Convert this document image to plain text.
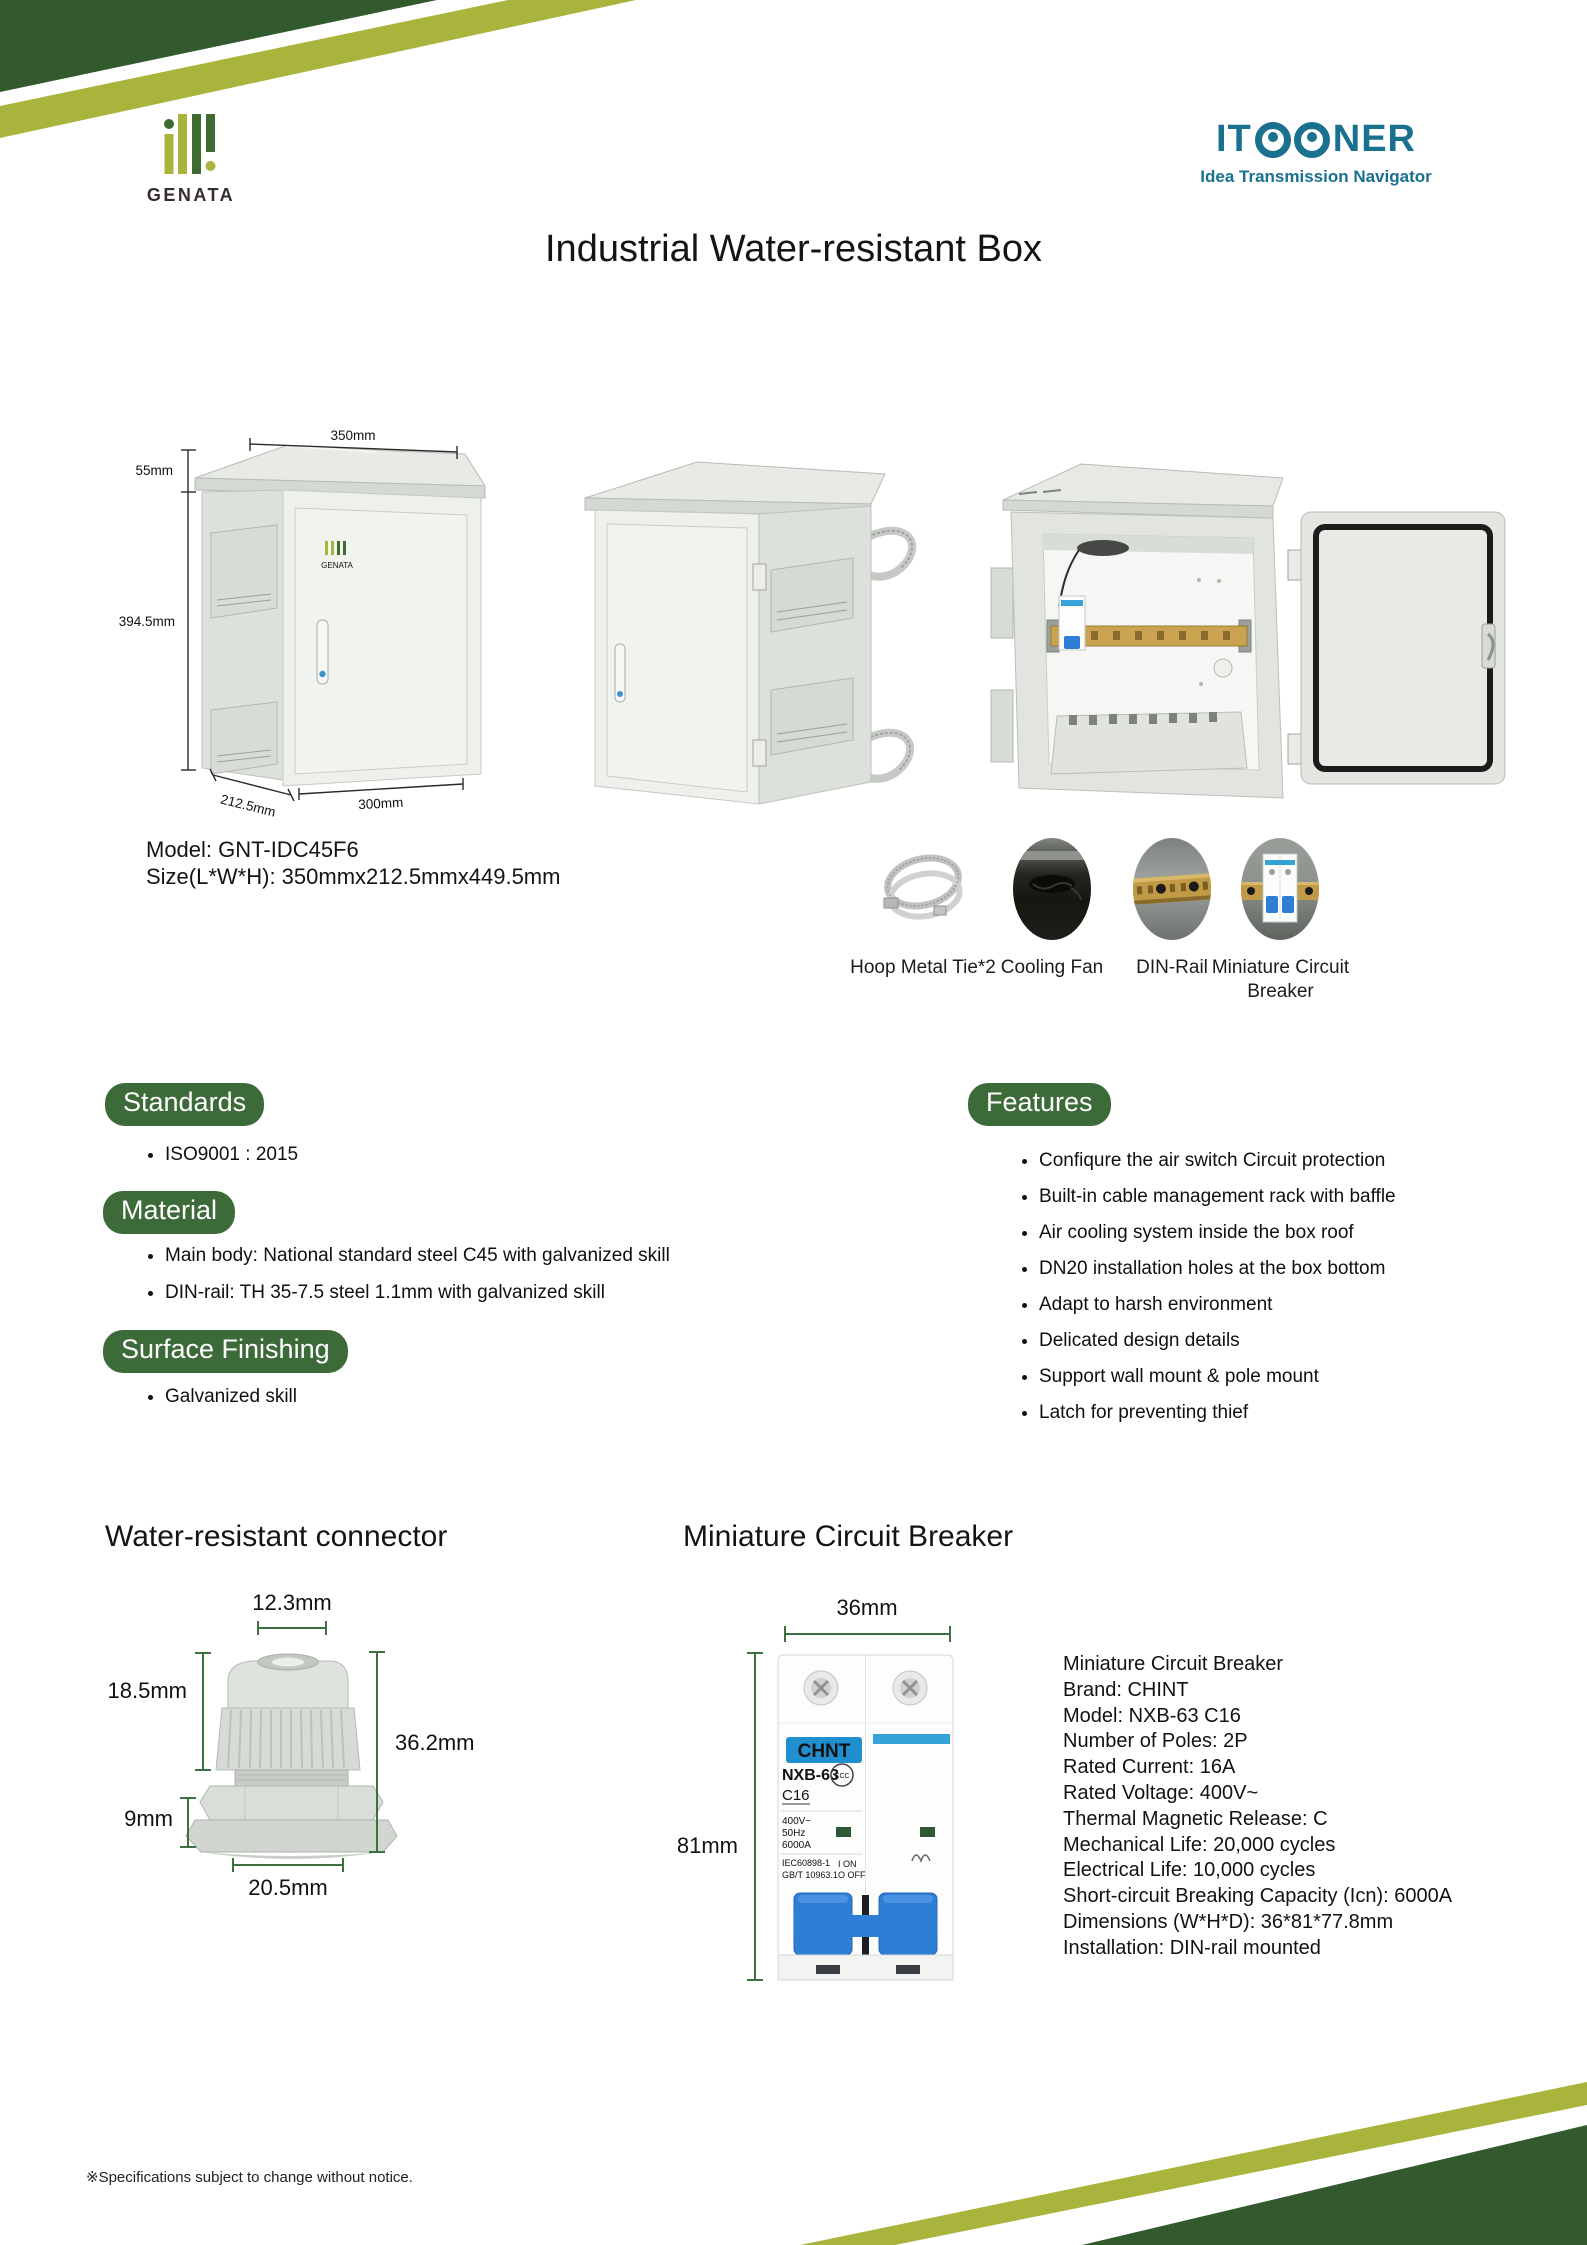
GENATA
IT NER
Idea Transmission Navigator
Industrial Water-resistant Box
GENATA
350mm
55mm
394.5mm
212.5mm	300mm
Model: GNT-IDC45F6
Size(L*W*H): 350mmx212.5mmx449.5mm
Hoop Metal Tie*2 Cooling Fan	DIN-Rail Miniature Circuit Breaker
Standards
• ISO9001 : 2015
Material
• Main body: National standard steel C45 with galvanized skill
• DIN-rail: TH 35-7.5 steel 1.1mm with galvanized skill
Surface Finishing
• Galvanized skill
Features
• Confiqure the air switch Circuit protection
• Built-in cable management rack with baffle
• Air cooling system inside the box roof
• DN20 installation holes at the box bottom
• Adapt to harsh environment
• Delicated design details
• Support wall mount & pole mount
• Latch for preventing thief
Water-resistant connector
12.3mm
18.5mm
36.2mm
9mm
20.5mm
Miniature Circuit Breaker
36mm
81mm
CHNT
NXB-63
CCC
C16
400V~
50Hz
6000A
IEC60898-1
GB/T 10963.1
I ON
O OFF
Miniature Circuit Breaker
Brand: CHINT
Model: NXB-63 C16
Number of Poles: 2P
Rated Current: 16A
Rated Voltage: 400V~
Thermal Magnetic Release: C
Mechanical Life: 20,000 cycles
Electrical Life: 10,000 cycles
Short-circuit Breaking Capacity (Icn): 6000A
Dimensions (W*H*D): 36*81*77.8mm
Installation: DIN-rail mounted
※Specifications subject to change without notice.
